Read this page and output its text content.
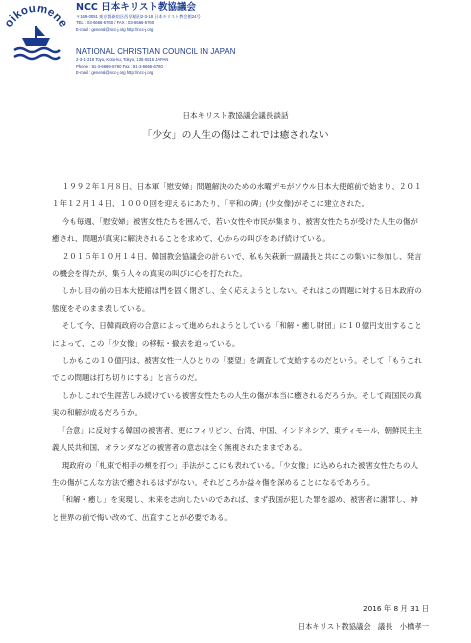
oikoumene
NCC 日本キリスト教協議会
〒169-0051 東京都新宿区西早稲田2-3-18 日本キリスト教会館24号
TEL : 03-6666-6760 / FAX : 03-6666-6760
E-mail : general@ncc-j.org http://ncc-j.org
NATIONAL CHRISTIAN COUNCIL IN JAPAN
2-3-1-218 Toyo, Koto-ku, Tokyo, 135-0016 JAPAN
Phone : 81-3-6666-6760 Fax : 81-3-6666-6760
E-mail : general@ncc-j.org http://ncc-j.org
日本キリスト教協議会議長談話
「少女」の人生の傷はこれでは癒されない
　１９９２年１月８日、日本軍「慰安婦」問題解決のための水曜デモがソウル日本大使館前で始まり、２０１１年１２月１４日、１０００回を迎えるにあたり、「平和の碑」(少女像)がそこに建立された。
　今も毎週、「慰安婦」被害女性たちを囲んで、若い女性や市民が集まり、被害女性たちが受けた人生の傷が癒され、問題が真実に解決されることを求めて、心からの叫びをあげ続けている。
　２０１５年１０月１４日、韓国教会協議会の計らいで、私も矢萩新一副議長と共にこの集いに参加し、発言の機会を得たが、集う人々の真実の叫びに心を打たれた。
　しかし目の前の日本大使館は門を固く閉ざし、全く応えようとしない。それはこの問題に対する日本政府の態度をそのまま表している。
　そして今、日韓両政府の合意によって進められようとしている「和解・癒し財団」に１０億円支出することによって、この「少女像」の移転・撤去を迫っている。
　しかもこの１０億円は、被害女性一人ひとりの「要望」を調査して支給するのだという。そして「もうこれでこの問題は打ち切りにする」と言うのだ。
　しかしこれで生涯苦しみ続けている被害女性たちの人生の傷が本当に癒されるだろうか。そして両国民の真実の和解が成るだろうか。
　「合意」に反対する韓国の被害者、更にフィリピン、台湾、中国、インドネシア、東ティモール、朝鮮民主主義人民共和国、オランダなどの被害者の意志は全く無視されたままである。
　現政府の「札束で相手の頬を打つ」手法がここにも表れている。「少女像」に込められた被害女性たちの人生の傷がこんな方法で癒されるはずがない。それどころか益々傷を深めることになるであろう。
　「和解・癒し」を実現し、未来を志向したいのであれば、まず我国が犯した罪を認め、被害者に謝罪し、神と世界の前で悔い改めて、出直すことが必要である。
2016 年 8 月 31 日
日本キリスト教協議会　議長　小橋孝一
